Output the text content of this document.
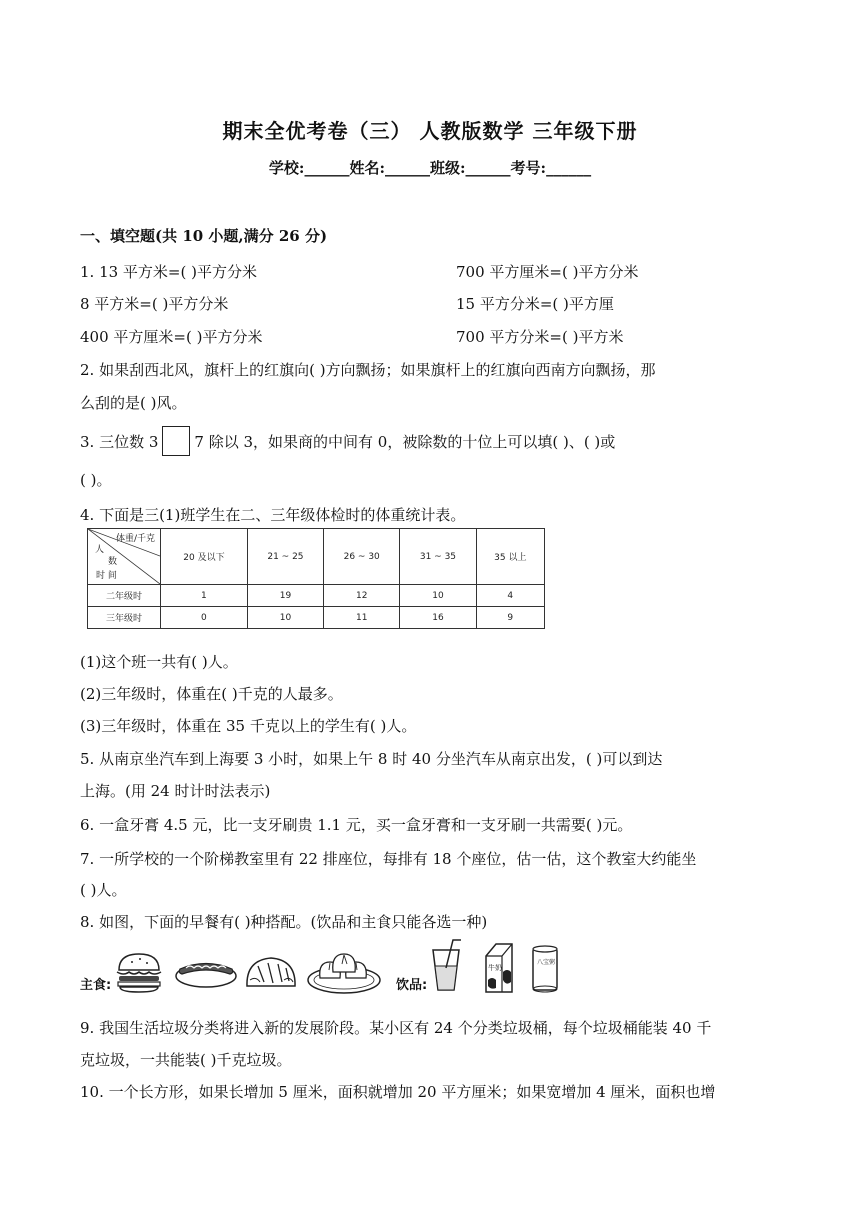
期末全优考卷（三） 人教版数学 三年级下册
学校:______姓名:______班级:______考号:______
一、填空题(共 10 小题,满分 26 分)
1. 13 平方米=( )平方分米	700 平方厘米=( )平方分米
8 平方米=( )平方分米	15 平方分米=( )平方厘
400 平方厘米=( )平方分米	700 平方分米=( )平方米
2. 如果刮西北风，旗杆上的红旗向( )方向飘扬；如果旗杆上的红旗向西南方向飘扬，那
么刮的是( )风。
3. 三位数 3 7 除以 3，如果商的中间有 0，被除数的十位上可以填( )、( )或
( )。
4. 下面是三(1)班学生在二、三年级体检时的体重统计表。
体重/千克
人
数
时 间	20 及以下	21 ~ 25	26 ~ 30	31 ~ 35	35 以上
二年级时	1	19	12	10	4
三年级时	0	10	11	16	9
(1)这个班一共有( )人。
(2)三年级时，体重在( )千克的人最多。
(3)三年级时，体重在 35 千克以上的学生有( )人。
5. 从南京坐汽车到上海要 3 小时，如果上午 8 时 40 分坐汽车从南京出发，( )可以到达
上海。(用 24 时计时法表示)
6. 一盒牙膏 4.5 元，比一支牙刷贵 1.1 元，买一盒牙膏和一支牙刷一共需要( )元。
7. 一所学校的一个阶梯教室里有 22 排座位，每排有 18 个座位，估一估，这个教室大约能坐
( )人。
8. 如图，下面的早餐有( )种搭配。(饮品和主食只能各选一种)
主食:	饮品:
牛奶
八宝粥
9. 我国生活垃圾分类将进入新的发展阶段。某小区有 24 个分类垃圾桶，每个垃圾桶能装 40 千
克垃圾，一共能装( )千克垃圾。
10. 一个长方形，如果长增加 5 厘米，面积就增加 20 平方厘米；如果宽增加 4 厘米，面积也增
